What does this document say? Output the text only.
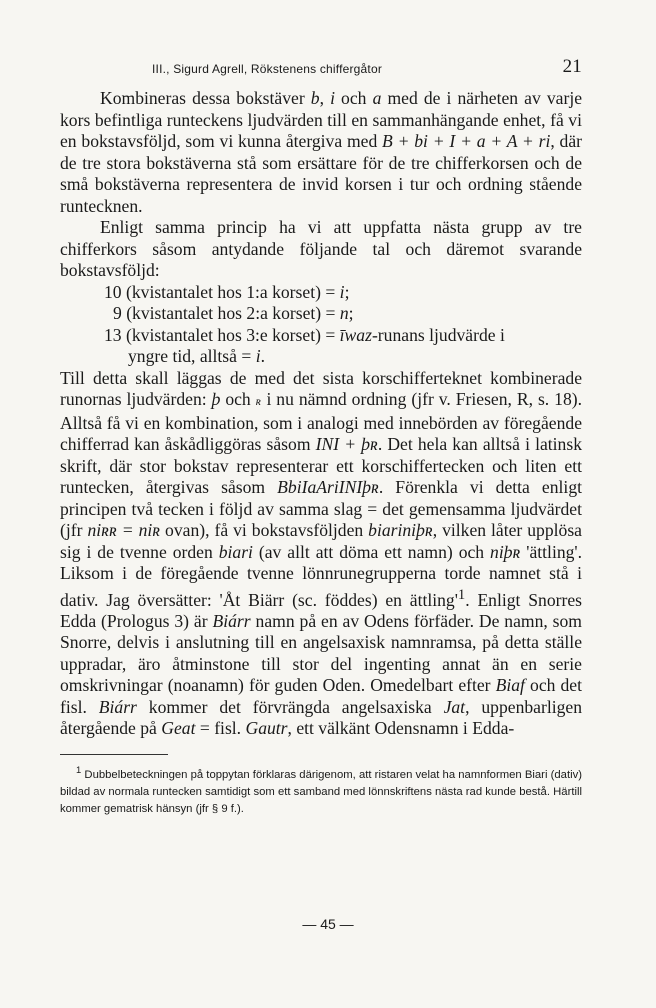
III., Sigurd Agrell, Rökstenens chiffergåtor	21

Kombineras dessa bokstäver b, i och a med de i närheten av varje kors befintliga runteckens ljudvärden till en sammanhängande enhet, få vi en bokstavsföljd, som vi kunna återgiva med B + bi + I + a + A + ri, där de tre stora bokstäverna stå som ersättare för de tre chifferkorsen och de små bokstäverna representera de invid korsen i tur och ordning stående runtecknen.

Enligt samma princip ha vi att uppfatta nästa grupp av tre chifferkors såsom antydande följande tal och däremot svarande bokstavsföljd:

10 (kvistantalet hos 1:a korset) = i;

9 (kvistantalet hos 2:a korset) = n;

13 (kvistantalet hos 3:e korset) = īwaz-runans ljudvärde i

yngre tid, alltså = i.

Till detta skall läggas de med det sista korschifferteknet kombinerade runornas ljudvärden: þ och ʀ i nu nämnd ordning (jfr v. Friesen, R, s. 18). Alltså få vi en kombination, som i analogi med innebörden av föregående chifferrad kan åskådliggöras såsom INI + þʀ. Det hela kan alltså i latinsk skrift, där stor bokstav representerar ett korschiffertecken och liten ett runtecken, återgivas såsom BbiIaAriINIþʀ. Förenkla vi detta enligt principen två tecken i följd av samma slag = det gemensamma ljudvärdet (jfr niʀʀ = niʀ ovan), få vi bokstavsföljden biariniþʀ, vilken låter upplösa sig i de tvenne orden biari (av allt att döma ett namn) och niþʀ 'ättling'. Liksom i de föregående tvenne lönnrunegrupperna torde namnet stå i dativ. Jag översätter: 'Åt Biärr (sc. föddes) en $ättling'^1$. Enligt Snorres Edda (Prologus 3) är Biárr namn på en av Odens förfäder. De namn, som Snorre, delvis i anslutning till en angelsaxisk namnramsa, på detta ställe uppradar, äro åtminstone till stor del ingenting annat än en serie omskrivningar (noanamn) för guden Oden. Omedelbart efter Biaf och det fisl. Biárr kommer det förvrängda angelsaxiska Jat, uppenbarligen återgående på Geat = fisl. Gautr, ett välkänt Odensnamn i Edda-

$^1$ Dubbelbeteckningen på toppytan förklaras därigenom, att ristaren velat ha namnformen Biari (dativ) bildad av normala runtecken samtidigt som ett samband med lönnskriftens nästa rad kunde bestå. Härtill kommer gematrisk hänsyn (jfr § 9 f.).

— 45 —
